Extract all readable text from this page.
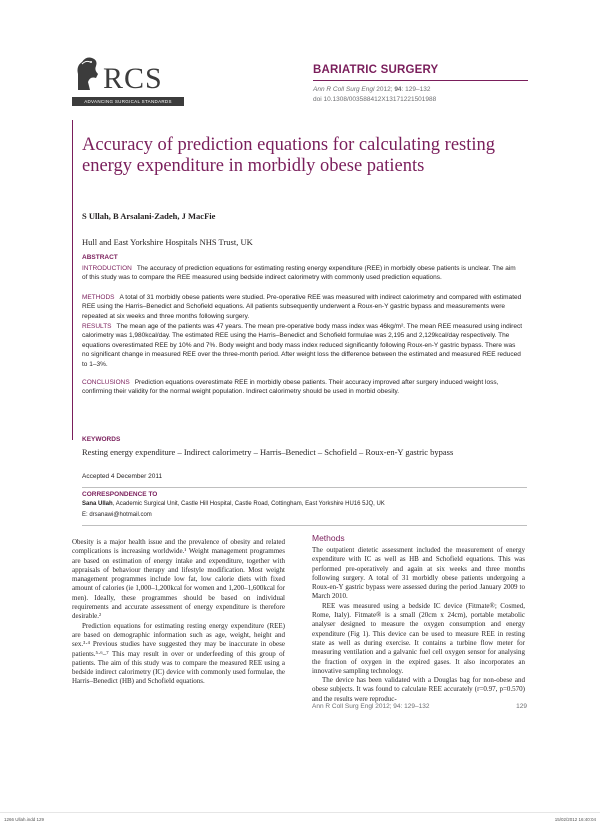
RCS
ADVANCING SURGICAL STANDARDS
BARIATRIC SURGERY
Ann R Coll Surg Engl 2012; 94: 129–132
doi 10.1308/003588412X13171221501988
Accuracy of prediction equations for calculating resting energy expenditure in morbidly obese patients
S Ullah, B Arsalani-Zadeh, J MacFie
Hull and East Yorkshire Hospitals NHS Trust, UK
ABSTRACT
INTRODUCTION The accuracy of prediction equations for estimating resting energy expenditure (REE) in morbidly obese patients is unclear. The aim of this study was to compare the REE measured using bedside indirect calorimetry with commonly used prediction equations.
METHODS A total of 31 morbidly obese patients were studied. Pre-operative REE was measured with indirect calorimetry and compared with estimated REE using the Harris–Benedict and Schofield equations. All patients subsequently underwent a Roux-en-Y gastric bypass and measurements were repeated at six weeks and three months following surgery.
RESULTS The mean age of the patients was 47 years. The mean pre-operative body mass index was 46kg/m². The mean REE measured using indirect calorimetry was 1,980kcal/day. The estimated REE using the Harris–Benedict and Schofield formulae was 2,195 and 2,129kcal/day respectively. The equations overestimated REE by 10% and 7%. Body weight and body mass index reduced significantly following Roux-en-Y gastric bypass. There was no significant change in measured REE over the three-month period. After weight loss the difference between the estimated and measured REE reduced to 1–3%.
CONCLUSIONS Prediction equations overestimate REE in morbidly obese patients. Their accuracy improved after surgery induced weight loss, confirming their validity for the normal weight population. Indirect calorimetry should be used in morbid obesity.
KEYWORDS
Resting energy expenditure – Indirect calorimetry – Harris–Benedict – Schofield – Roux-en-Y gastric bypass
Accepted 4 December 2011
CORRESPONDENCE TO
Sana Ullah, Academic Surgical Unit, Castle Hill Hospital, Castle Road, Cottingham, East Yorkshire HU16 5JQ, UK
E: drsanawi@hotmail.com

Obesity is a major health issue and the prevalence of obesity and related complications is increasing worldwide.¹ Weight management programmes are based on estimation of energy intake and expenditure, together with appraisals of behaviour therapy and lifestyle modification. Most weight management programmes include low fat, low calorie diets with fixed amount of calories (ie 1,000–1,200kcal for women and 1,200–1,600kcal for men). Ideally, these programmes should be based on individual requirements and accurate assessment of energy expenditure is therefore desirable.²

Prediction equations for estimating resting energy expenditure (REE) are based on demographic information such as age, weight, height and sex.³·⁴ Previous studies have suggested they may be inaccurate in obese patients.⁵·⁶–⁷ This may result in over or underfeeding of this group of patients. The aim of this study was to compare the measured REE using a bedside indirect calorimetry (IC) device with commonly used formulae, the Harris–Benedict (HB) and Schofield equations.

Methods

The outpatient dietetic assessment included the measurement of energy expenditure with IC as well as HB and Schofield equations. This was performed pre-operatively and again at six weeks and three months following surgery. A total of 31 morbidly obese patients undergoing a Roux-en-Y gastric bypass were assessed during the period January 2009 to March 2010.

REE was measured using a bedside IC device (Fitmate®; Cosmed, Rome, Italy). Fitmate® is a small (20cm x 24cm), portable metabolic analyser designed to measure the oxygen consumption and energy expenditure (Fig 1). This device can be used to measure REE in resting state as well as during exercise. It contains a turbine flow meter for measuring ventilation and a galvanic fuel cell oxygen sensor for analysing the fraction of oxygen in the expired gases. It also incorporates an innovative sampling technology.

The device has been validated with a Douglas bag for non-obese and obese subjects. It was found to calculate REE accurately (r=0.97, p=0.570) and the results were reproduc-

Ann R Coll Surg Engl 2012; 94: 129–132	129
1266 Ullah.indd 129	15/02/2012 16:40:04
